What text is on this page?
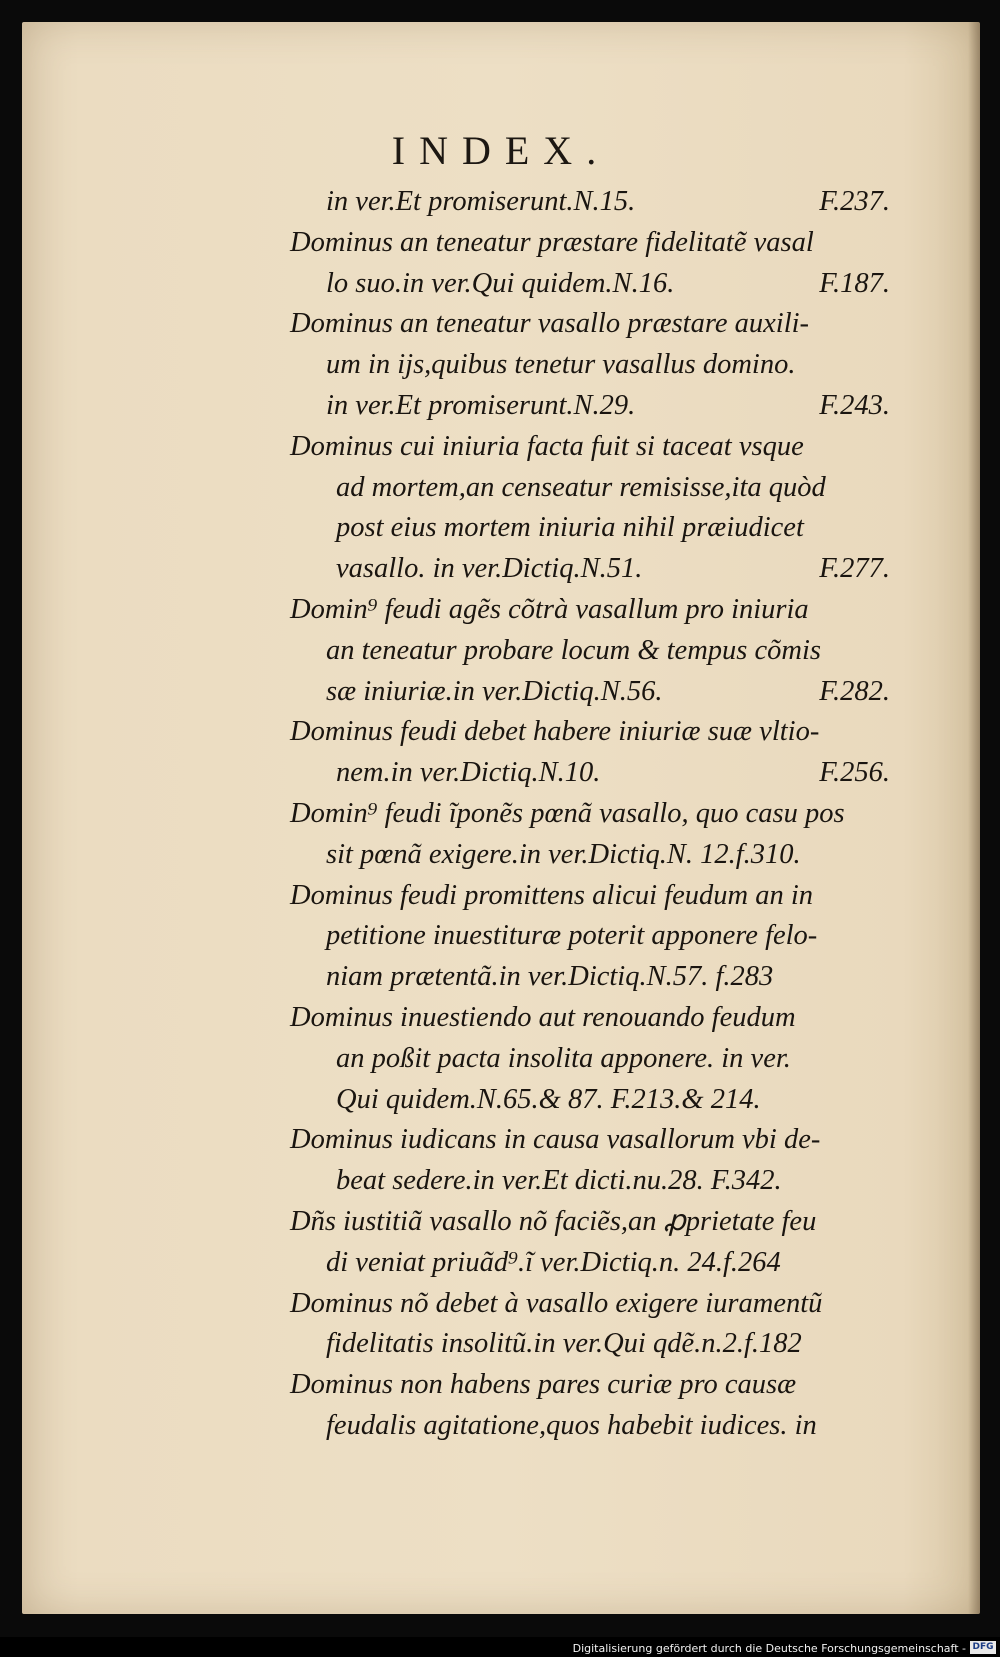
INDEX.
in ver.Et promiserunt.N.15.	F.237.
Dominus an teneatur præstare fidelitatẽ vasal
lo suo.in ver.Qui quidem.N.16.	F.187.
Dominus an teneatur vasallo præstare auxili-
um in ijs,quibus tenetur vasallus domino.
in ver.Et promiserunt.N.29.	F.243.
Dominus cui iniuria facta fuit si taceat vsque
ad mortem,an censeatur remisisse,ita quòd
post eius mortem iniuria nihil præiudicet
vasallo. in ver.Dictiq.N.51.	F.277.
Domin⁹ feudi agẽs cõtrà vasallum pro iniuria
an teneatur probare locum & tempus cõmis
sæ iniuriæ.in ver.Dictiq.N.56.	F.282.
Dominus feudi debet habere iniuriæ suæ vltio-
nem.in ver.Dictiq.N.10.	F.256.
Domin⁹ feudi ĩponẽs pœnã vasallo, quo casu pos
sit pœnã exigere.in ver.Dictiq.N. 12.f.310.
Dominus feudi promittens alicui feudum an in
petitione inuestituræ poterit apponere felo-
niam prætentã.in ver.Dictiq.N.57. f.283
Dominus inuestiendo aut renouando feudum
an poßit pacta insolita apponere. in ver.
Qui quidem.N.65.& 87. F.213.& 214.
Dominus iudicans in causa vasallorum vbi de-
beat sedere.in ver.Et dicti.nu.28. F.342.
Dñs iustitiã vasallo nõ faciẽs,an ꝓprietate feu
di veniat priuãd⁹.ĩ ver.Dictiq.n. 24.f.264
Dominus nõ debet à vasallo exigere iuramentũ
fidelitatis insolitũ.in ver.Qui qdẽ.n.2.f.182
Dominus non habens pares curiæ pro causæ
feudalis agitatione,quos habebit iudices. in
Digitalisierung gefördert durch die Deutsche Forschungsgemeinschaft - DFG
